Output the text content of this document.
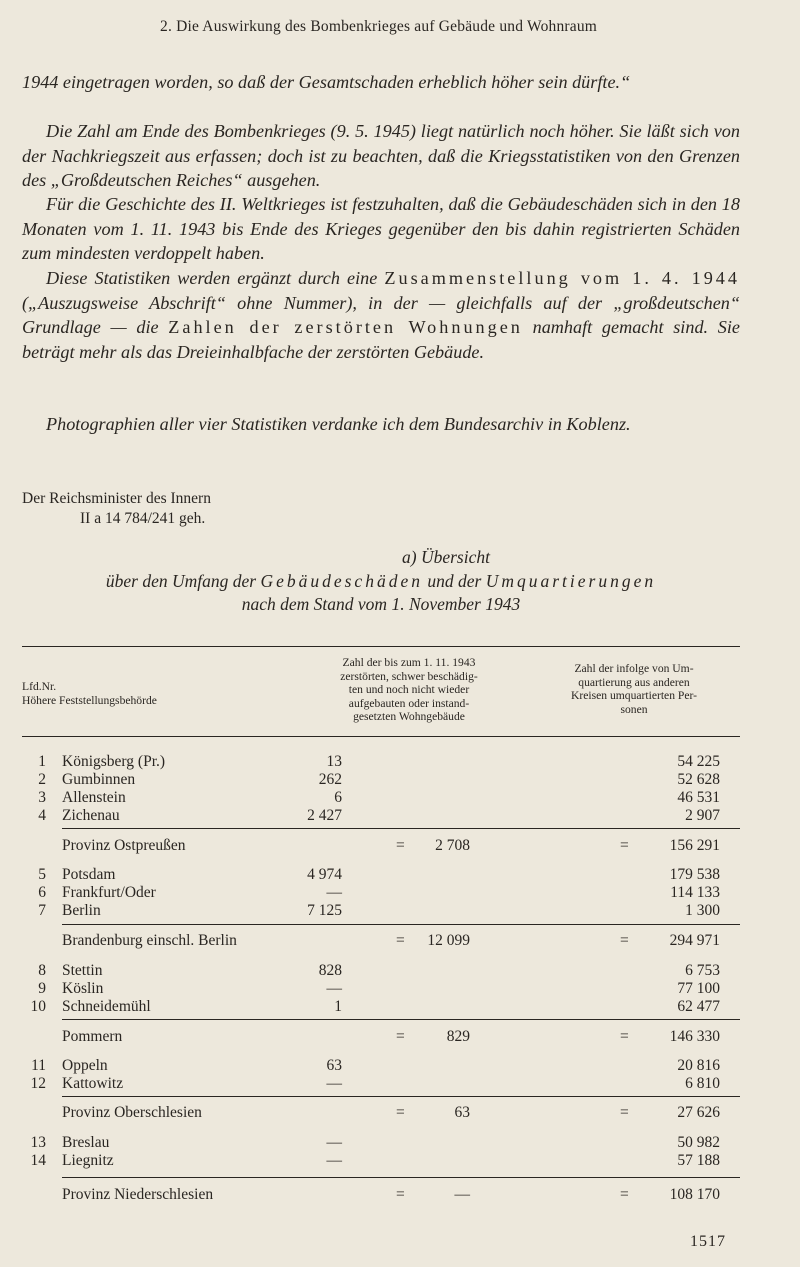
2. Die Auswirkung des Bombenkrieges auf Gebäude und Wohnraum
1944 eingetragen worden, so daß der Gesamtschaden erheblich höher sein dürfte.“
Die Zahl am Ende des Bombenkrieges (9. 5. 1945) liegt natürlich noch höher. Sie läßt sich von der Nachkriegszeit aus erfassen; doch ist zu beachten, daß die Kriegsstatistiken von den Grenzen des „Großdeutschen Reiches“ ausgehen.
Für die Geschichte des II. Weltkrieges ist festzuhalten, daß die Gebäudeschäden sich in den 18 Monaten vom 1. 11. 1943 bis Ende des Krieges gegenüber den bis dahin registrierten Schäden zum mindesten verdoppelt haben.
Diese Statistiken werden ergänzt durch eine Zusammenstellung vom 1. 4. 1944 („Auszugsweise Abschrift“ ohne Nummer), in der — gleichfalls auf der „großdeutschen“ Grundlage — die Zahlen der zerstörten Wohnungen namhaft gemacht sind. Sie beträgt mehr als das Dreieinhalbfache der zerstörten Gebäude.
Photographien aller vier Statistiken verdanke ich dem Bundesarchiv in Koblenz.
Der Reichsminister des Innern
II a 14 784/241 geh.
a) Übersicht
über den Umfang der Gebäudeschäden und der Umquartierungen
nach dem Stand vom 1. November 1943
Lfd.Nr.
Höhere Feststellungsbehörde
Zahl der bis zum 1. 11. 1943
zerstörten, schwer beschädig-
ten und noch nicht wieder
aufgebauten oder instand-
gesetzten Wohngebäude
Zahl der infolge von Um-
quartierung aus anderen
Kreisen umquartierten Per-
sonen
1 Königsberg (Pr.)	13	54 225
2 Gumbinnen	262	52 628
3 Allenstein	6	46 531
4 Zichenau	2 427	2 907
Provinz Ostpreußen	= 2 708	=	156 291
5 Potsdam	4 974	179 538
6 Frankfurt/Oder	—	114 133
7 Berlin	7 125	1 300
Brandenburg einschl. Berlin	= 12 099	=	294 971
8 Stettin	828	6 753
9 Köslin	—	77 100
10 Schneidemühl	1	62 477
Pommern	=	829	=	146 330
11 Oppeln	63	20 816
12 Kattowitz	—	6 810
Provinz Oberschlesien	=	63	=	27 626
13 Breslau	—	50 982
14 Liegnitz	—	57 188
Provinz Niederschlesien	=	—	=	108 170
1517
